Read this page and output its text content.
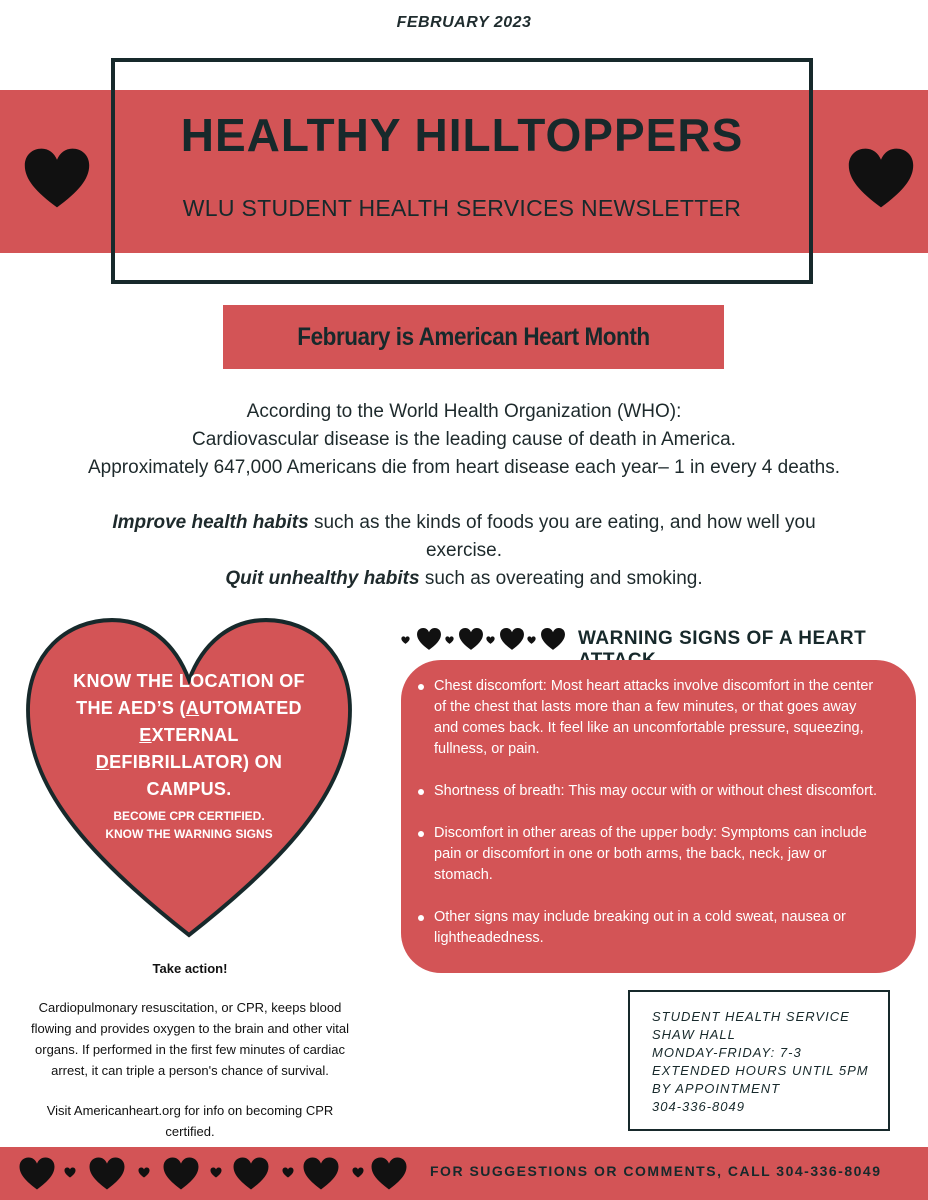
FEBRUARY 2023
HEALTHY HILLTOPPERS
WLU STUDENT HEALTH SERVICES NEWSLETTER
February is American Heart Month

According to the World Health Organization (WHO):

Cardiovascular disease is the leading cause of death in America.

Approximately 647,000 Americans die from heart disease each year– 1 in every 4 deaths.

Improve health habits such as the kinds of foods you are eating, and how well you exercise.

Quit unhealthy habits such as overeating and smoking.

KNOW THE LOCATION OF
THE AED’S (AUTOMATED
EXTERNAL
DEFIBRILLATOR) ON
CAMPUS.
BECOME CPR CERTIFIED.
KNOW THE WARNING SIGNS
Take action!

Cardiopulmonary resuscitation, or CPR, keeps blood flowing and provides oxygen to the brain and other vital organs. If performed in the first few minutes of cardiac arrest, it can triple a person's chance of survival.

Visit Americanheart.org for info on becoming CPR certified.

WARNING SIGNS OF A HEART
Chest discomfort: Most heart attacks involve discomfort in the center of the chest that lasts more than a few minutes, or that goes away and comes back. It feel like an uncomfortable pressure, squeezing, fullness, or pain.
Shortness of breath: This may occur with or without chest discomfort.
Discomfort in other areas of the upper body: Symptoms can include pain or discomfort in one or both arms, the back, neck, jaw or stomach.
Other signs may include breaking out in a cold sweat, nausea or lightheadedness.
STUDENT HEALTH SERVICE
SHAW HALL
MONDAY-FRIDAY: 7-3
EXTENDED HOURS UNTIL 5PM
BY APPOINTMENT
304-336-8049
FOR SUGGESTIONS OR COMMENTS, CALL 304-336-8049
